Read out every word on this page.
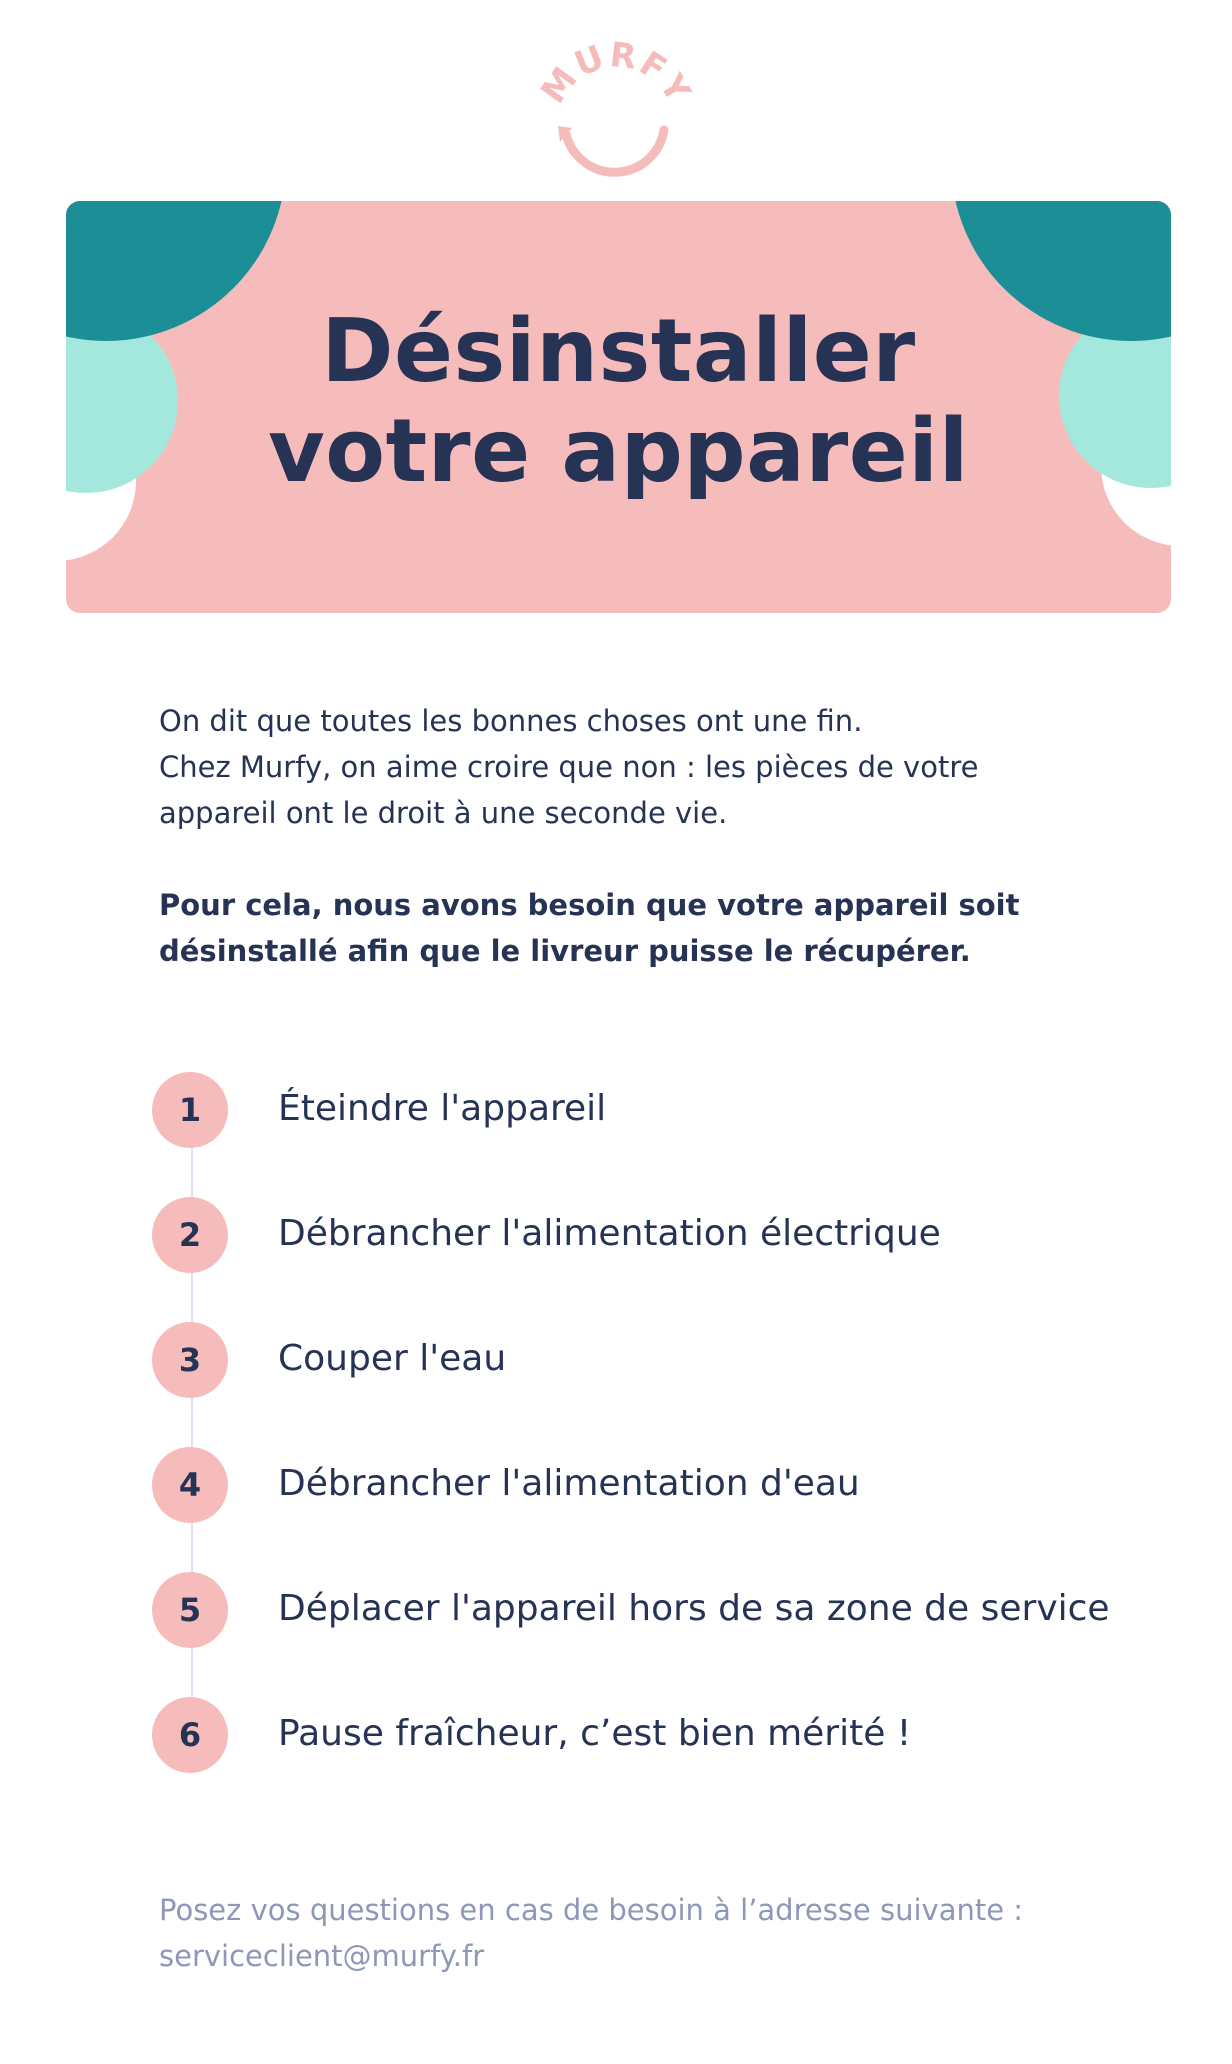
MURFY
Désinstaller
votre appareil

On dit que toutes les bonnes choses ont une fin.

Chez Murfy, on aime croire que non : les pièces de votre

appareil ont le droit à une seconde vie.

Pour cela, nous avons besoin que votre appareil soit

désinstallé afin que le livreur puisse le récupérer.

1	Éteindre l'appareil
2	Débrancher l'alimentation électrique
3	Couper l'eau
4	Débrancher l'alimentation d'eau
5	Déplacer l'appareil hors de sa zone de service
6	Pause fraîcheur, c’est bien mérité !

Posez vos questions en cas de besoin à l’adresse suivante :

serviceclient@murfy.fr
